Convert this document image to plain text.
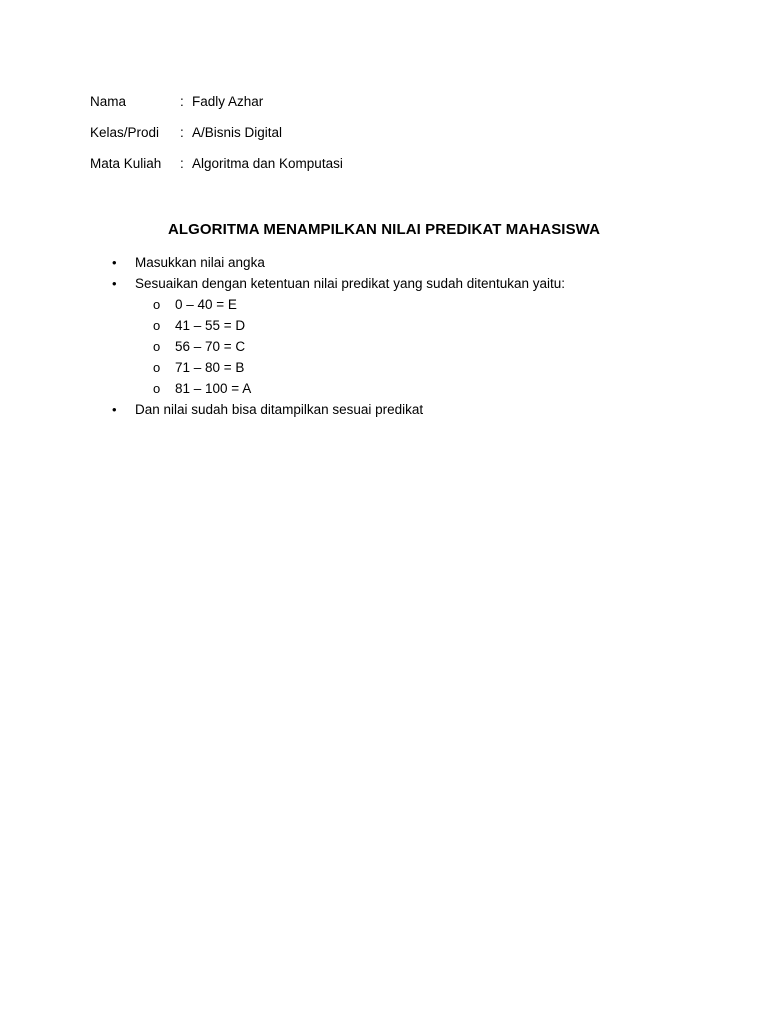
Nama	: Fadly Azhar
Kelas/Prodi	: A/Bisnis Digital
Mata Kuliah	: Algoritma dan Komputasi
ALGORITMA MENAMPILKAN NILAI PREDIKAT MAHASISWA
•	Masukkan nilai angka
•	Sesuaikan dengan ketentuan nilai predikat yang sudah ditentukan yaitu:
o	0 – 40 = E
o	41 – 55 = D
o	56 – 70 = C
o	71 – 80 = B
o	81 – 100 = A
•	Dan nilai sudah bisa ditampilkan sesuai predikat
